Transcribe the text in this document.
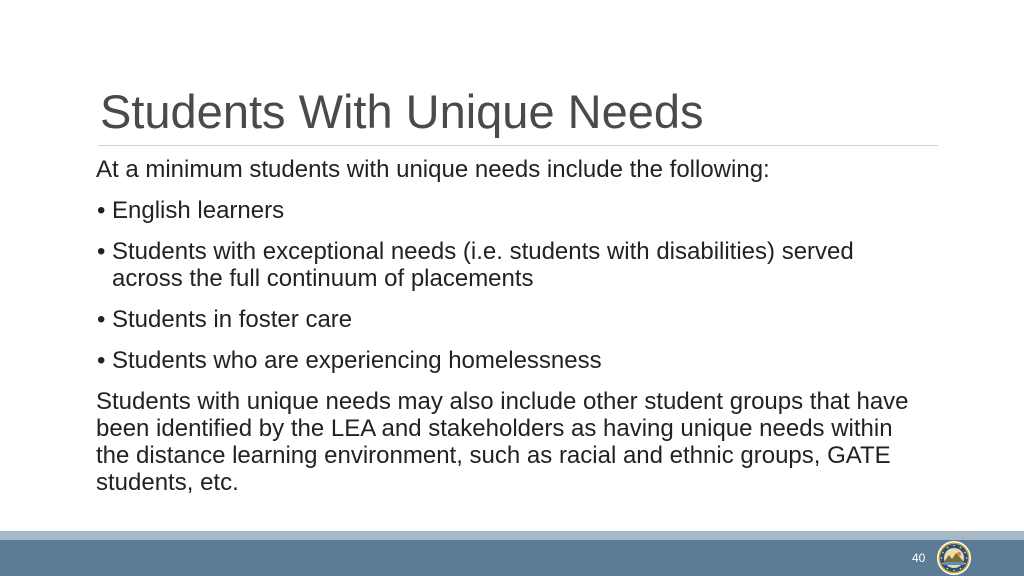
Students With Unique Needs

At a minimum students with unique needs include the following:

• English learners
• Students with exceptional needs (i.e. students with disabilities) served across the full continuum of placements
• Students in foster care
• Students who are experiencing homelessness

Students with unique needs may also include other student groups that have been identified by the LEA and stakeholders as having unique needs within the distance learning environment, such as racial and ethnic groups, GATE students, etc.

40
